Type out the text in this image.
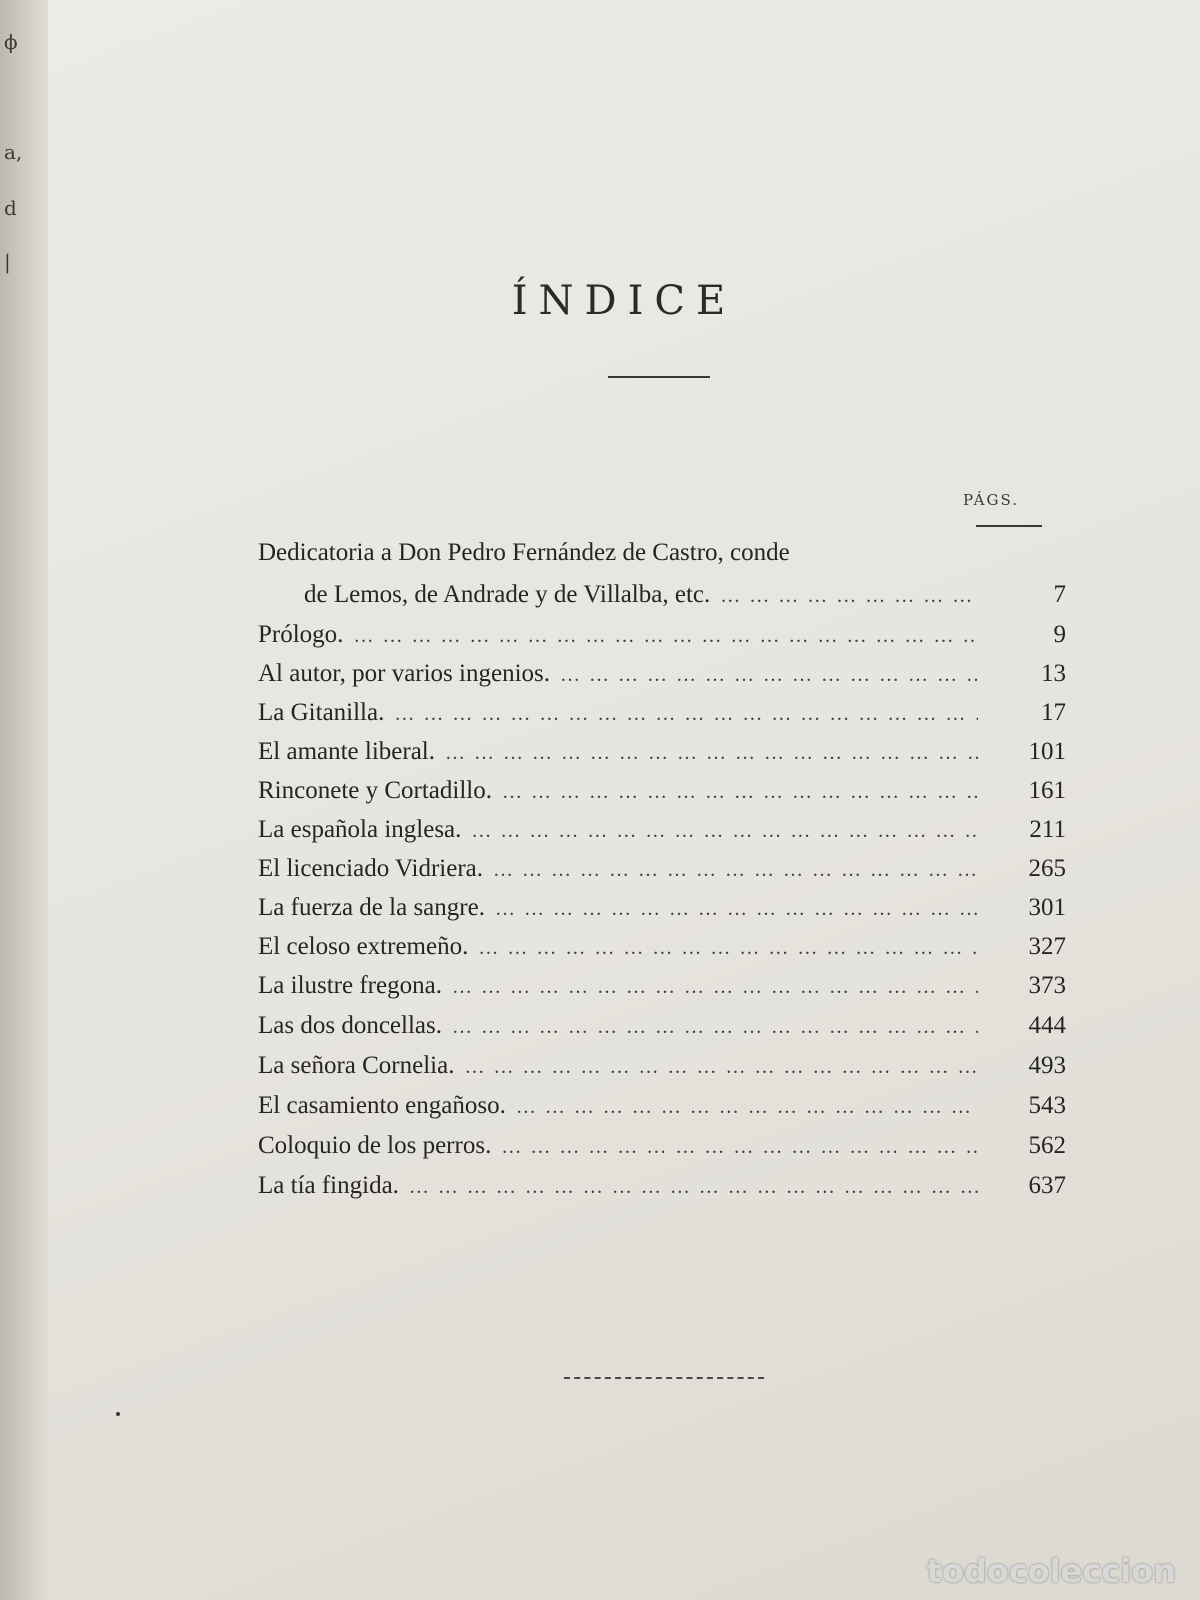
ϕ
a,
d
|
ÍNDICE
PÁGS.
Dedicatoria a Don Pedro Fernández de Castro, conde
de Lemos, de Andrade y de Villalba, etc. … … … … … … … … … … … … … … … … … … … … … … … … … … … … … …	7
Prólogo. … … … … … … … … … … … … … … … … … … … … … … … … … … … … … …	9
Al autor, por varios ingenios. … … … … … … … … … … … … … … … … … … … … … … … … … … … … … …	13
La Gitanilla. … … … … … … … … … … … … … … … … … … … … … … … … … … … … … …	17
El amante liberal. … … … … … … … … … … … … … … … … … … … … … … … … … … … … … …	101
Rinconete y Cortadillo. … … … … … … … … … … … … … … … … … … … … … … … … … … … … … …	161
La española inglesa. … … … … … … … … … … … … … … … … … … … … … … … … … … … … … …	211
El licenciado Vidriera. … … … … … … … … … … … … … … … … … … … … … … … … … … … … … …	265
La fuerza de la sangre. … … … … … … … … … … … … … … … … … … … … … … … … … … … … … …	301
El celoso extremeño. … … … … … … … … … … … … … … … … … … … … … … … … … … … … … …	327
La ilustre fregona. … … … … … … … … … … … … … … … … … … … … … … … … … … … … … …	373
Las dos doncellas. … … … … … … … … … … … … … … … … … … … … … … … … … … … … … …	444
La señora Cornelia. … … … … … … … … … … … … … … … … … … … … … … … … … … … … … …	493
El casamiento engañoso. … … … … … … … … … … … … … … … … … … … … … … … … … … … … … …	543
Coloquio de los perros. … … … … … … … … … … … … … … … … … … … … … … … … … … … … … …	562
La tía fingida. … … … … … … … … … … … … … … … … … … … … … … … … … … … … … …	637
todocoleccion
